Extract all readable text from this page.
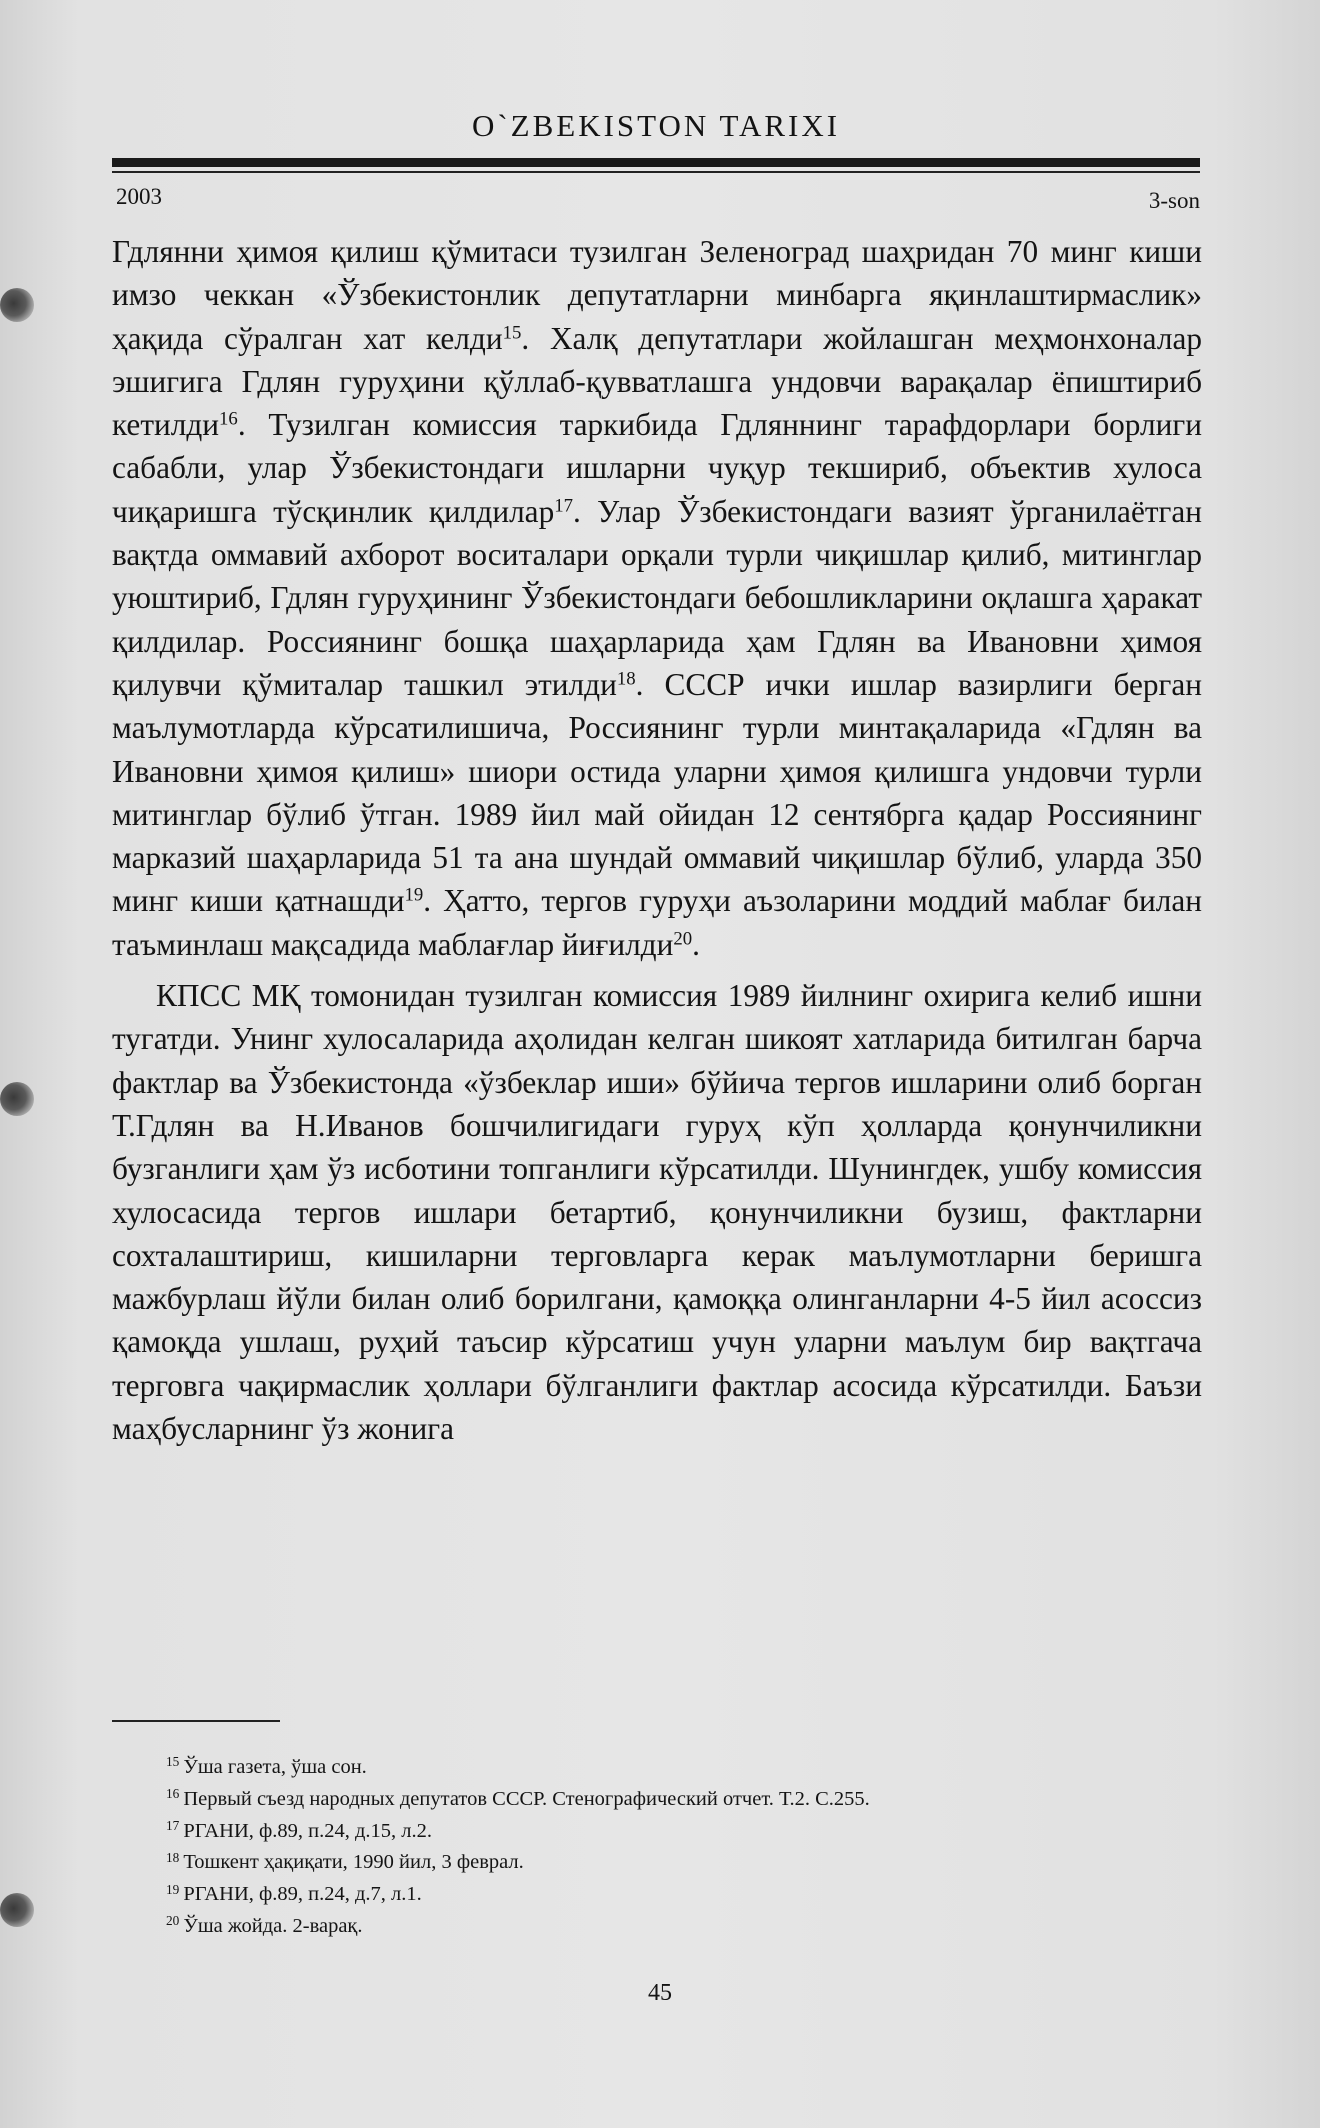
O`ZBEKISTON TARIXI
2003	3-son

Гдлянни ҳимоя қилиш қўмитаси тузилган Зеленоград шаҳридан 70 минг киши имзо чеккан «Ўзбекистонлик депутатларни минбарга яқинлаштирмаслик» ҳақида сўралган хат келди$^{15}$. Халқ депутатлари жойлашган меҳмонхоналар эшигига Гдлян гуруҳини қўллаб-қувватлашга ундовчи варақалар ёпиштириб кетилди$^{16}$. Тузилган комиссия таркибида Гдляннинг тарафдорлари борлиги сабабли, улар Ўзбекистондаги ишларни чуқур текшириб, объектив хулоса чиқаришга тўсқинлик қилдилар$^{17}$. Улар Ўзбекистондаги вазият ўрганилаётган вақтда оммавий ахборот воситалари орқали турли чиқишлар қилиб, митинглар уюштириб, Гдлян гуруҳининг Ўзбекистондаги бебошликларини оқлашга ҳаракат қилдилар. Россиянинг бошқа шаҳарларида ҳам Гдлян ва Ивановни ҳимоя қилувчи қўмиталар ташкил этилди$^{18}$. СССР ички ишлар вазирлиги берган маълумотларда кўрсатилишича, Россиянинг турли минтақаларида «Гдлян ва Ивановни ҳимоя қилиш» шиори остида уларни ҳимоя қилишга ундовчи турли митинглар бўлиб ўтган. 1989 йил май ойидан 12 сентябрга қадар Россиянинг марказий шаҳарларида 51 та ана шундай оммавий чиқишлар бўлиб, уларда 350 минг киши қатнашди$^{19}$. Ҳатто, тергов гуруҳи аъзоларини моддий маблағ билан таъминлаш мақсадида маблағлар йиғилди$^{20}$.

КПСС МҚ томонидан тузилган комиссия 1989 йилнинг охирига келиб ишни тугатди. Унинг хулосаларида аҳолидан келган шикоят хатларида битилган барча фактлар ва Ўзбекистонда «ўзбеклар иши» бўйича тергов ишларини олиб борган Т.Гдлян ва Н.Иванов бошчилигидаги гуруҳ кўп ҳолларда қонунчиликни бузганлиги ҳам ўз исботини топганлиги кўрсатилди. Шунингдек, ушбу комиссия хулосасида тергов ишлари бетартиб, қонунчиликни бузиш, фактларни сохталаштириш, кишиларни терговларга керак маълумотларни беришга мажбурлаш йўли билан олиб борилгани, қамоққа олинганларни 4-5 йил асоссиз қамоқда ушлаш, руҳий таъсир кўрсатиш учун уларни маълум бир вақтгача терговга чақирмаслик ҳоллари бўлганлиги фактлар асосида кўрсатилди. Баъзи маҳбусларнинг ўз жонига

$^{15}$ Ўша газета, ўша сон.
$^{16}$ Первый съезд народных депутатов СССР. Стенографический отчет. Т.2. С.255.
$^{17}$ РГАНИ, ф.89, п.24, д.15, л.2.
$^{18}$ Тошкент ҳақиқати, 1990 йил, 3 феврал.
$^{19}$ РГАНИ, ф.89, п.24, д.7, л.1.
$^{20}$ Ўша жойда. 2-варақ.
45
